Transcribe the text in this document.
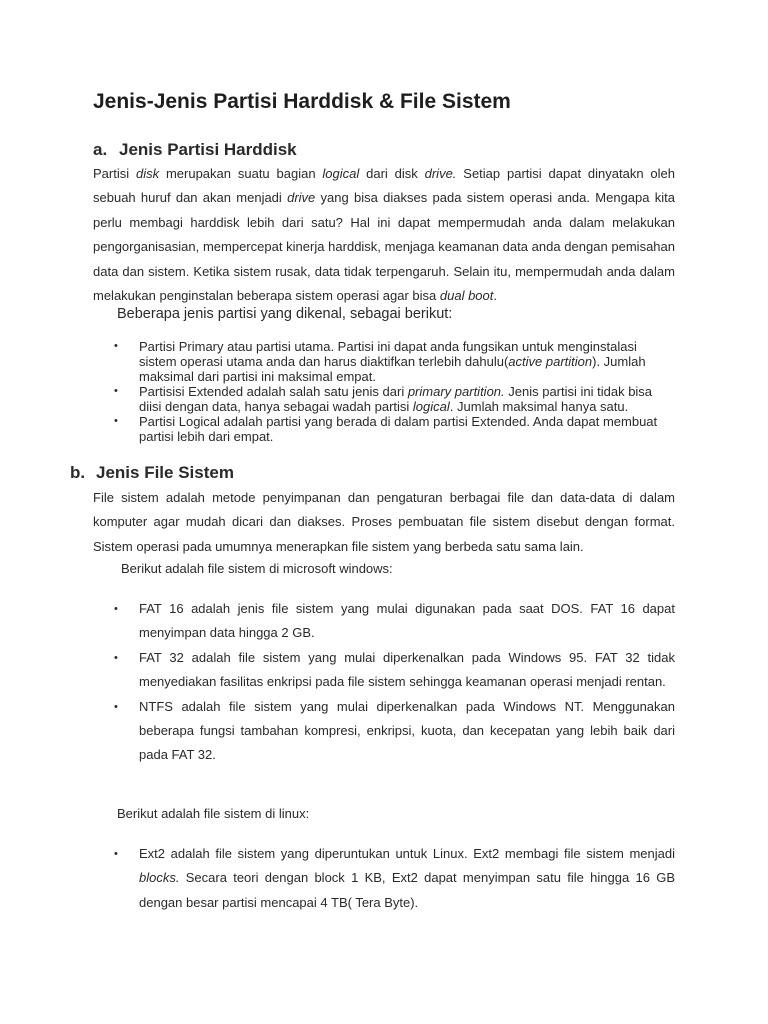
Jenis-Jenis Partisi Harddisk & File Sistem
a. Jenis Partisi Harddisk

Partisi disk merupakan suatu bagian logical dari disk drive. Setiap partisi dapat dinyatakn oleh sebuah huruf dan akan menjadi drive yang bisa diakses pada sistem operasi anda. Mengapa kita perlu membagi harddisk lebih dari satu? Hal ini dapat mempermudah anda dalam melakukan pengorganisasian, mempercepat kinerja harddisk, menjaga keamanan data anda dengan pemisahan data dan sistem. Ketika sistem rusak, data tidak terpengaruh. Selain itu, mempermudah anda dalam melakukan penginstalan beberapa sistem operasi agar bisa dual boot.

Beberapa jenis partisi yang dikenal, sebagai berikut:

• Partisi Primary atau partisi utama. Partisi ini dapat anda fungsikan untuk menginstalasi sistem operasi utama anda dan harus diaktifkan terlebih dahulu(active partition). Jumlah maksimal dari partisi ini maksimal empat.
• Partisisi Extended adalah salah satu jenis dari primary partition. Jenis partisi ini tidak bisa diisi dengan data, hanya sebagai wadah partisi logical. Jumlah maksimal hanya satu.
• Partisi Logical adalah partisi yang berada di dalam partisi Extended. Anda dapat membuat partisi lebih dari empat.
b. Jenis File Sistem

File sistem adalah metode penyimpanan dan pengaturan berbagai file dan data-data di dalam komputer agar mudah dicari dan diakses. Proses pembuatan file sistem disebut dengan format. Sistem operasi pada umumnya menerapkan file sistem yang berbeda satu sama lain.

Berikut adalah file sistem di microsoft windows:

• FAT 16 adalah jenis file sistem yang mulai digunakan pada saat DOS. FAT 16 dapat menyimpan data hingga 2 GB.
• FAT 32 adalah file sistem yang mulai diperkenalkan pada Windows 95. FAT 32 tidak menyediakan fasilitas enkripsi pada file sistem sehingga keamanan operasi menjadi rentan.
• NTFS adalah file sistem yang mulai diperkenalkan pada Windows NT. Menggunakan beberapa fungsi tambahan kompresi, enkripsi, kuota, dan kecepatan yang lebih baik dari pada FAT 32.

Berikut adalah file sistem di linux:

• Ext2 adalah file sistem yang diperuntukan untuk Linux. Ext2 membagi file sistem menjadi blocks. Secara teori dengan block 1 KB, Ext2 dapat menyimpan satu file hingga 16 GB dengan besar partisi mencapai 4 TB( Tera Byte).
